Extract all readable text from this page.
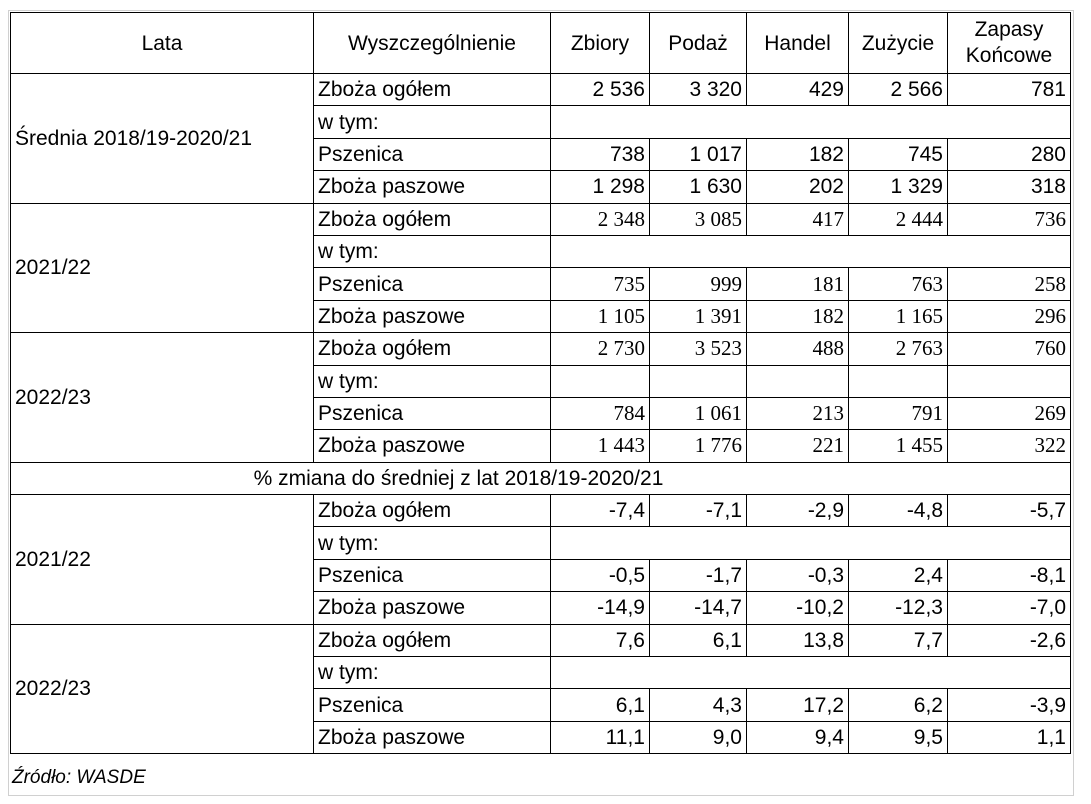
Lata	Wyszczególnienie	Zbiory	Podaż	Handel	Zużycie	Zapasy
Końcowe
Średnia 2018/19-2020/21	Zboża ogółem	2 536	3 320	429	2 566	781
	w tym:					
	Pszenica	738	1 017	182	745	280
	Zboża paszowe	1 298	1 630	202	1 329	318
2021/22	Zboża ogółem	2 348	3 085	417	2 444	736
	w tym:					
	Pszenica	735	999	181	763	258
	Zboża paszowe	1 105	1 391	182	1 165	296
2022/23	Zboża ogółem	2 730	3 523	488	2 763	760
	w tym:					
	Pszenica	784	1 061	213	791	269
	Zboża paszowe	1 443	1 776	221	1 455	322
% zmiana do średniej z lat 2018/19-2020/21						
2021/22	Zboża ogółem	-7,4	-7,1	-2,9	-4,8	-5,7
	w tym:					
	Pszenica	-0,5	-1,7	-0,3	2,4	-8,1
	Zboża paszowe	-14,9	-14,7	-10,2	-12,3	-7,0
2022/23	Zboża ogółem	7,6	6,1	13,8	7,7	-2,6
	w tym:					
	Pszenica	6,1	4,3	17,2	6,2	-3,9
	Zboża paszowe	11,1	9,0	9,4	9,5	1,1
Źródło: WASDE
